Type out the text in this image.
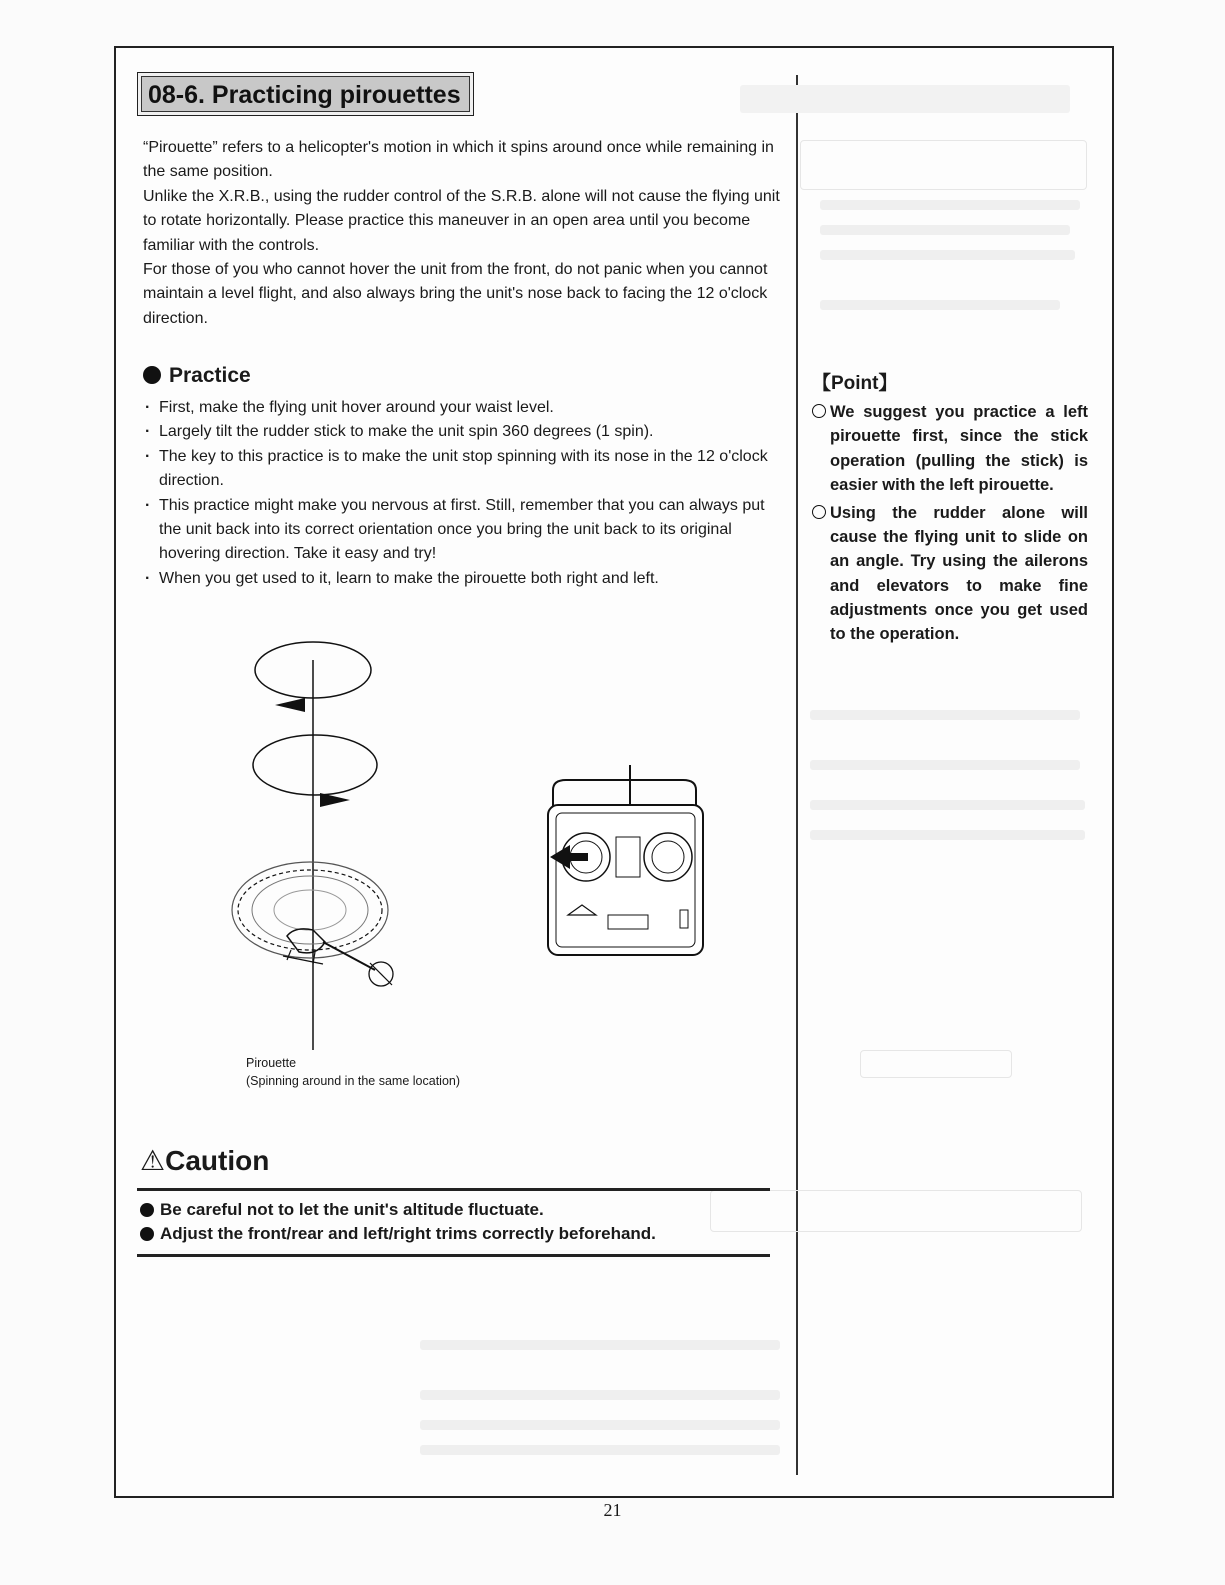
08-6. Practicing pirouettes

“Pirouette” refers to a helicopter's motion in which it spins around once while remaining in the same position.

Unlike the X.R.B., using the rudder control of the S.R.B. alone will not cause the flying unit to rotate horizontally. Please practice this maneuver in an open area until you become familiar with the controls.

For those of you who cannot hover the unit from the front, do not panic when you cannot maintain a level flight, and also always bring the unit's nose back to facing the 12 o'clock direction.

Practice
· First, make the flying unit hover around your waist level.
· Largely tilt the rudder stick to make the unit spin 360 degrees (1 spin).
· The key to this practice is to make the unit stop spinning with its nose in the 12 o'clock direction.
· This practice might make you nervous at first. Still, remember that you can always put the unit back into its correct orientation once you bring the unit back to its original hovering direction. Take it easy and try!
· When you get used to it, learn to make the pirouette both right and left.
【Point】
We suggest you practice a left pirouette first, since the stick operation (pulling the stick) is easier with the left pirouette.
Using the rudder alone will cause the flying unit to slide on an angle. Try using the ailerons and elevators to make fine adjustments once you get used to the operation.
Pirouette
(Spinning around in the same location)
⚠Caution
Be careful not to let the unit's altitude fluctuate.
Adjust the front/rear and left/right trims correctly beforehand.
21
